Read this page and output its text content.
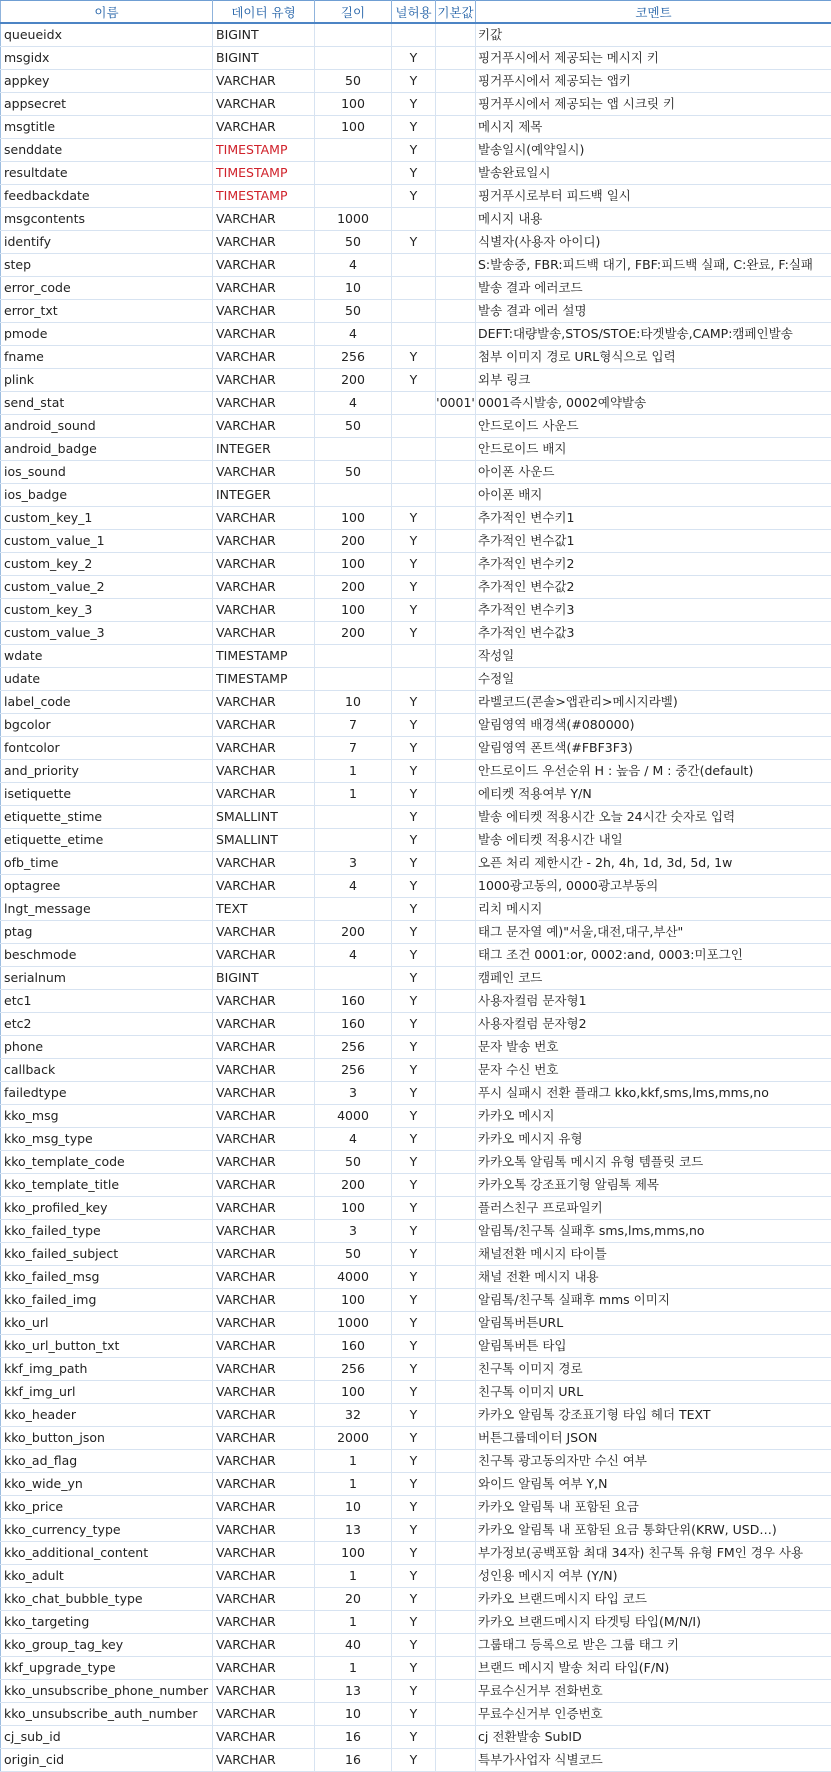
이름	데이터 유형	길이	널허용	기본값	코멘트
queueidx	BIGINT				키값
msgidx	BIGINT		Y		핑거푸시에서 제공되는 메시지 키
appkey	VARCHAR	50	Y		핑거푸시에서 제공되는 앱키
appsecret	VARCHAR	100	Y		핑거푸시에서 제공되는 앱 시크릿 키
msgtitle	VARCHAR	100	Y		메시지 제목
senddate	TIMESTAMP		Y		발송일시(예약일시)
resultdate	TIMESTAMP		Y		발송완료일시
feedbackdate	TIMESTAMP		Y		핑거푸시로부터 피드백 일시
msgcontents	VARCHAR	1000			메시지 내용
identify	VARCHAR	50	Y		식별자(사용자 아이디)
step	VARCHAR	4			S:발송중, FBR:피드백 대기, FBF:피드백 실패, C:완료, F:실패
error_code	VARCHAR	10			발송 결과 에러코드
error_txt	VARCHAR	50			발송 결과 에러 설명
pmode	VARCHAR	4			DEFT:대량발송,STOS/STOE:타겟발송,CAMP:캠페인발송
fname	VARCHAR	256	Y		첨부 이미지 경로 URL형식으로 입력
plink	VARCHAR	200	Y		외부 링크
send_stat	VARCHAR	4		'0001'	0001즉시발송, 0002예약발송
android_sound	VARCHAR	50			안드로이드 사운드
android_badge	INTEGER				안드로이드 배지
ios_sound	VARCHAR	50			아이폰 사운드
ios_badge	INTEGER				아이폰 배지
custom_key_1	VARCHAR	100	Y		추가적인 변수키1
custom_value_1	VARCHAR	200	Y		추가적인 변수값1
custom_key_2	VARCHAR	100	Y		추가적인 변수키2
custom_value_2	VARCHAR	200	Y		추가적인 변수값2
custom_key_3	VARCHAR	100	Y		추가적인 변수키3
custom_value_3	VARCHAR	200	Y		추가적인 변수값3
wdate	TIMESTAMP				작성일
udate	TIMESTAMP				수정일
label_code	VARCHAR	10	Y		라벨코드(콘솔>앱관리>메시지라벨)
bgcolor	VARCHAR	7	Y		알림영역 배경색(#080000)
fontcolor	VARCHAR	7	Y		알림영역 폰트색(#FBF3F3)
and_priority	VARCHAR	1	Y		안드로이드 우선순위 H : 높음 / M : 중간(default)
isetiquette	VARCHAR	1	Y		에티켓 적용여부 Y/N
etiquette_stime	SMALLINT		Y		발송 에티켓 적용시간 오늘 24시간 숫자로 입력
etiquette_etime	SMALLINT		Y		발송 에티켓 적용시간 내일
ofb_time	VARCHAR	3	Y		오픈 처리 제한시간 - 2h, 4h, 1d, 3d, 5d, 1w
optagree	VARCHAR	4	Y		1000광고동의, 0000광고부동의
lngt_message	TEXT		Y		리치 메시지
ptag	VARCHAR	200	Y		태그 문자열 예)"서울,대전,대구,부산"
beschmode	VARCHAR	4	Y		태그 조건 0001:or, 0002:and, 0003:미포그인
serialnum	BIGINT		Y		캠페인 코드
etc1	VARCHAR	160	Y		사용자컬럼 문자형1
etc2	VARCHAR	160	Y		사용자컬럼 문자형2
phone	VARCHAR	256	Y		문자 발송 번호
callback	VARCHAR	256	Y		문자 수신 번호
failedtype	VARCHAR	3	Y		푸시 실패시 전환 플래그 kko,kkf,sms,lms,mms,no
kko_msg	VARCHAR	4000	Y		카카오 메시지
kko_msg_type	VARCHAR	4	Y		카카오 메시지 유형
kko_template_code	VARCHAR	50	Y		카카오톡 알림톡 메시지 유형 템플릿 코드
kko_template_title	VARCHAR	200	Y		카카오톡 강조표기형 알림톡 제목
kko_profiled_key	VARCHAR	100	Y		플러스친구 프로파일키
kko_failed_type	VARCHAR	3	Y		알림톡/친구톡 실패후 sms,lms,mms,no
kko_failed_subject	VARCHAR	50	Y		채널전환 메시지 타이틀
kko_failed_msg	VARCHAR	4000	Y		채널 전환 메시지 내용
kko_failed_img	VARCHAR	100	Y		알림톡/친구톡 실패후 mms 이미지
kko_url	VARCHAR	1000	Y		알림톡버튼URL
kko_url_button_txt	VARCHAR	160	Y		알림톡버튼 타입
kkf_img_path	VARCHAR	256	Y		친구톡 이미지 경로
kkf_img_url	VARCHAR	100	Y		친구톡 이미지 URL
kko_header	VARCHAR	32	Y		카카오 알림톡 강조표기형 타입 헤더 TEXT
kko_button_json	VARCHAR	2000	Y		버튼그룹데이터 JSON
kko_ad_flag	VARCHAR	1	Y		친구톡 광고동의자만 수신 여부
kko_wide_yn	VARCHAR	1	Y		와이드 알림톡 여부 Y,N
kko_price	VARCHAR	10	Y		카카오 알림톡 내 포함된 요금
kko_currency_type	VARCHAR	13	Y		카카오 알림톡 내 포함된 요금 통화단위(KRW, USD…)
kko_additional_content	VARCHAR	100	Y		부가정보(공백포함 최대 34자) 친구톡 유형 FM인 경우 사용
kko_adult	VARCHAR	1	Y		성인용 메시지 여부 (Y/N)
kko_chat_bubble_type	VARCHAR	20	Y		카카오 브랜드메시지 타입 코드
kko_targeting	VARCHAR	1	Y		카카오 브랜드메시지 타겟팅 타입(M/N/I)
kko_group_tag_key	VARCHAR	40	Y		그룹태그 등록으로 받은 그룹 태그 키
kkf_upgrade_type	VARCHAR	1	Y		브랜드 메시지 발송 처리 타입(F/N)
kko_unsubscribe_phone_number	VARCHAR	13	Y		무료수신거부 전화번호
kko_unsubscribe_auth_number	VARCHAR	10	Y		무료수신거부 인증번호
cj_sub_id	VARCHAR	16	Y		cj 전환발송 SubID
origin_cid	VARCHAR	16	Y		특부가사업자 식별코드
